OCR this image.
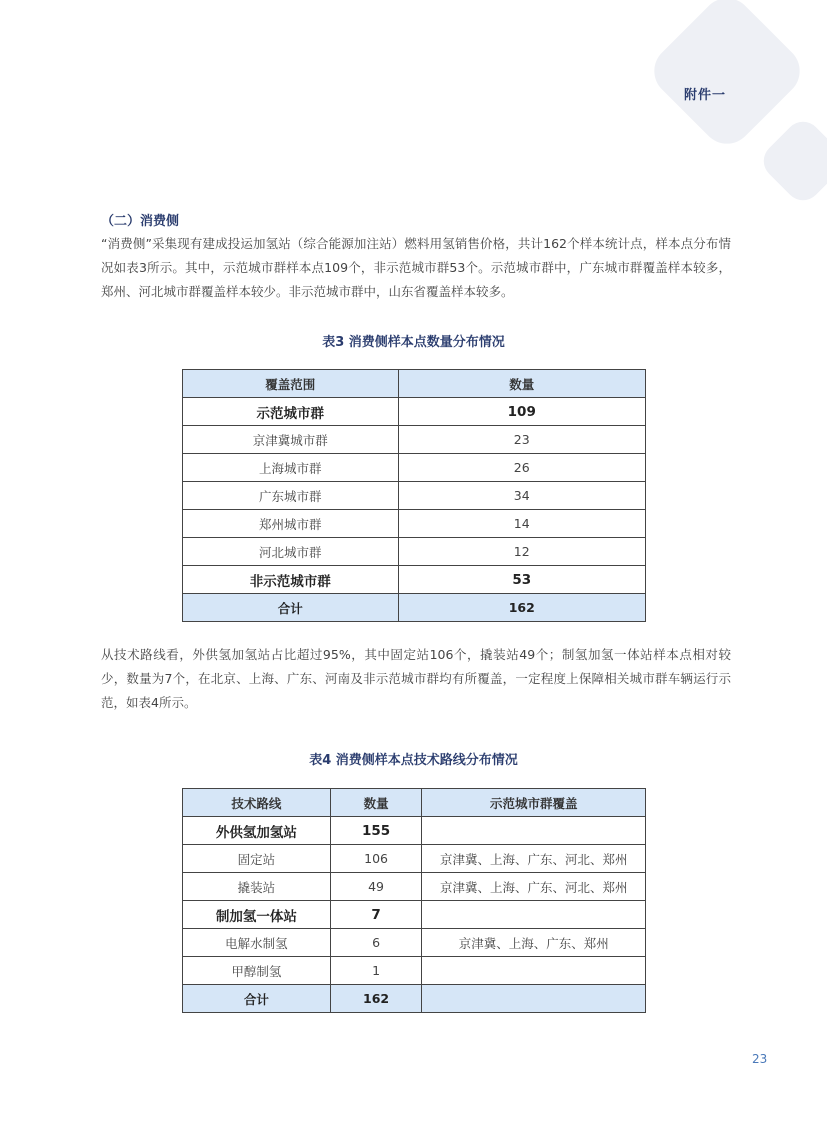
附件一
（二）消费侧

“消费侧”采集现有建成投运加氢站（综合能源加注站）燃料用氢销售价格，共计162个样本统计点，样本点分布情况如表3所示。其中，示范城市群样本点109个，非示范城市群53个。示范城市群中，广东城市群覆盖样本较多，郑州、河北城市群覆盖样本较少。非示范城市群中，山东省覆盖样本较多。

表3 消费侧样本点数量分布情况
覆盖范围	数量
示范城市群	109
京津冀城市群	23
上海城市群	26
广东城市群	34
郑州城市群	14
河北城市群	12
非示范城市群	53
合计	162

从技术路线看，外供氢加氢站占比超过95%，其中固定站106个，撬装站49个；制氢加氢一体站样本点相对较少，数量为7个，在北京、上海、广东、河南及非示范城市群均有所覆盖，一定程度上保障相关城市群车辆运行示范，如表4所示。

表4 消费侧样本点技术路线分布情况
技术路线	数量	示范城市群覆盖
外供氢加氢站	155	
固定站	106	京津冀、上海、广东、河北、郑州
撬装站	49	京津冀、上海、广东、河北、郑州
制加氢一体站	7	
电解水制氢	6	京津冀、上海、广东、郑州
甲醇制氢	1	
合计	162	
23
